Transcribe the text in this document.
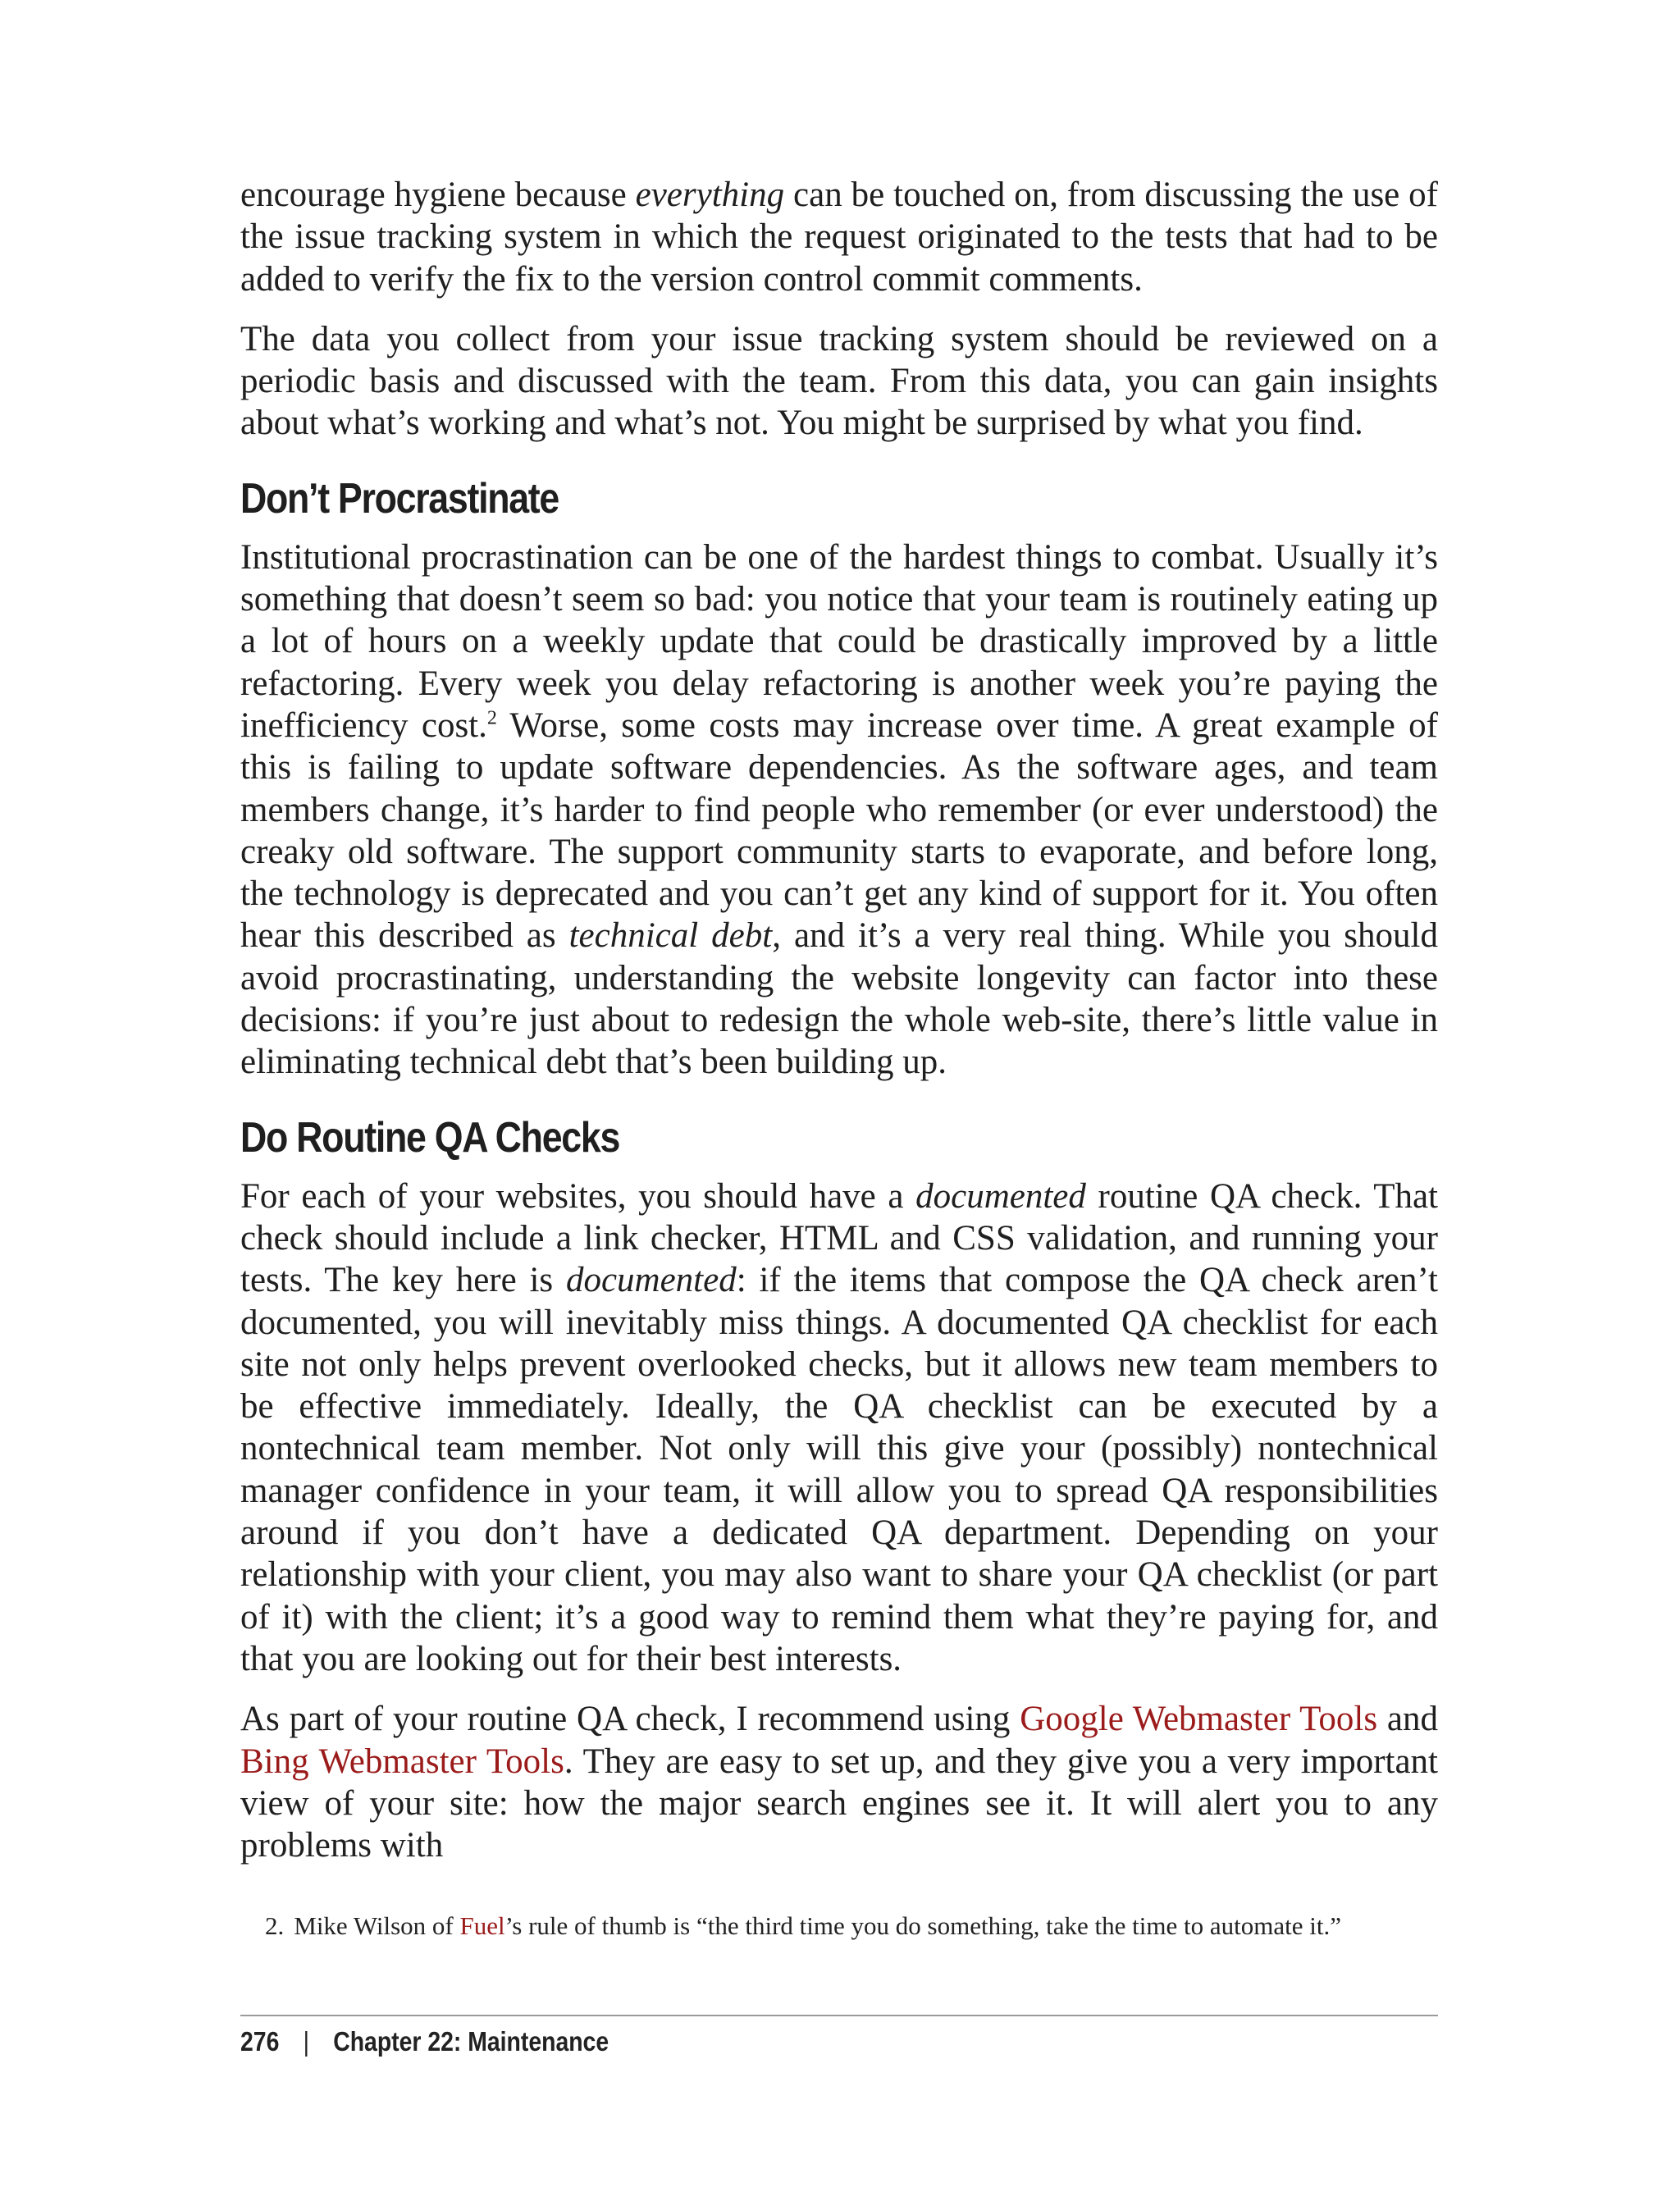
encourage hygiene because everything can be touched on, from discussing the use of the issue tracking system in which the request originated to the tests that had to be added to verify the fix to the version control commit comments.

The data you collect from your issue tracking system should be reviewed on a periodic basis and discussed with the team. From this data, you can gain insights about what’s working and what’s not. You might be surprised by what you find.

Don’t Procrastinate

Institutional procrastination can be one of the hardest things to combat. Usually it’s something that doesn’t seem so bad: you notice that your team is routinely eating up a lot of hours on a weekly update that could be drastically improved by a little refactoring. Every week you delay refactoring is another week you’re paying the inefficiency cost.$^2$ Worse, some costs may increase over time. A great example of this is failing to update software dependencies. As the software ages, and team members change, it’s harder to find people who remember (or ever understood) the creaky old software. The support community starts to evaporate, and before long, the technology is deprecated and you can’t get any kind of support for it. You often hear this described as technical debt, and it’s a very real thing. While you should avoid procrastinating, understanding the website longevity can factor into these decisions: if you’re just about to redesign the whole web-site, there’s little value in eliminating technical debt that’s been building up.

Do Routine QA Checks

For each of your websites, you should have a documented routine QA check. That check should include a link checker, HTML and CSS validation, and running your tests. The key here is documented: if the items that compose the QA check aren’t documented, you will inevitably miss things. A documented QA checklist for each site not only helps prevent overlooked checks, but it allows new team members to be effective immediately. Ideally, the QA checklist can be executed by a nontechnical team member. Not only will this give your (possibly) nontechnical manager confidence in your team, it will allow you to spread QA responsibilities around if you don’t have a dedicated QA department. Depending on your relationship with your client, you may also want to share your QA checklist (or part of it) with the client; it’s a good way to remind them what they’re paying for, and that you are looking out for their best interests.

As part of your routine QA check, I recommend using Google Webmaster Tools and Bing Webmaster Tools. They are easy to set up, and they give you a very important view of your site: how the major search engines see it. It will alert you to any problems with

2. Mike Wilson of Fuel’s rule of thumb is “the third time you do something, take the time to automate it.”
276 | Chapter 22: Maintenance
